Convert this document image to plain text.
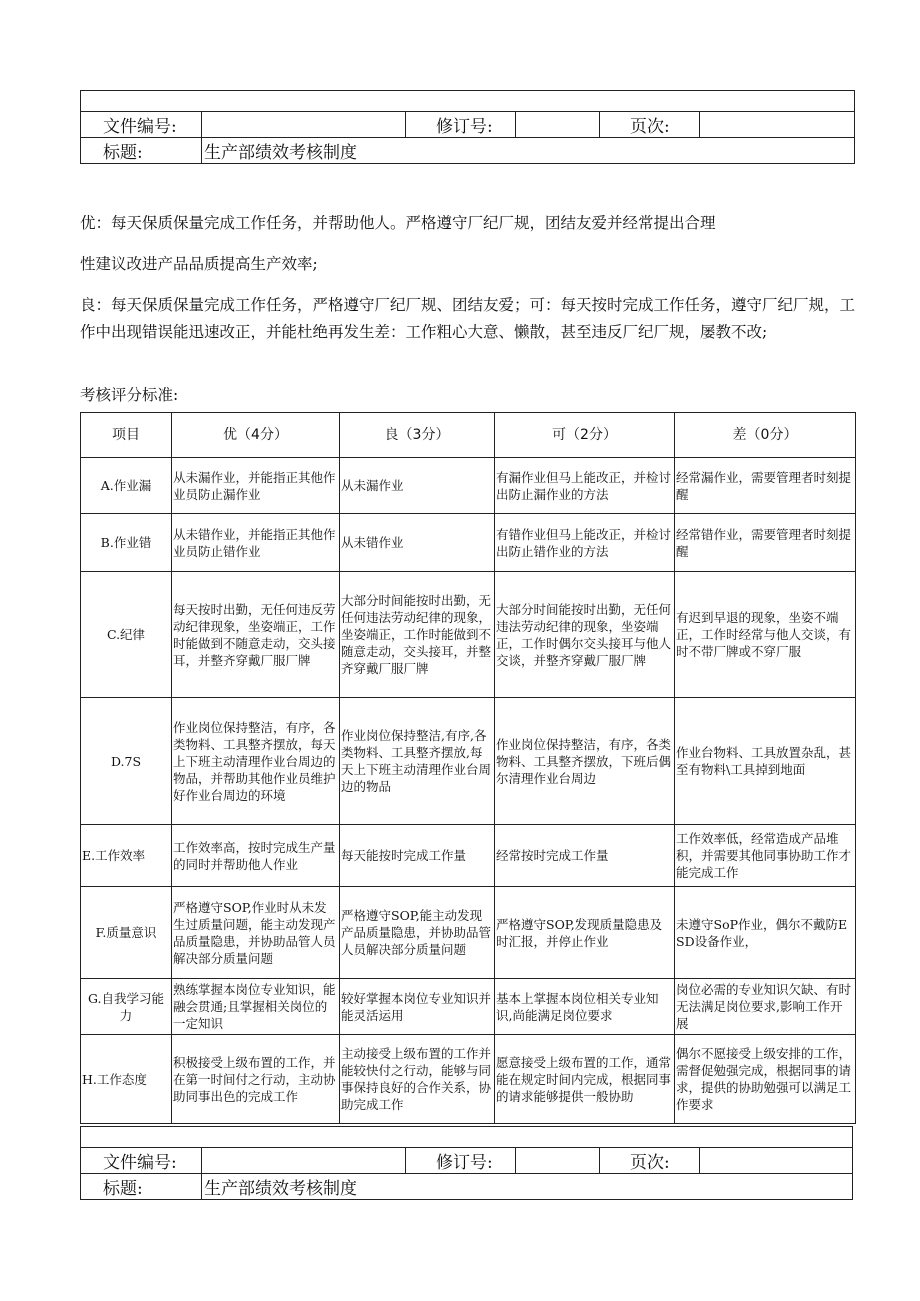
文件编号:		修订号:		页次:	
标题:	生产部绩效考核制度				

优：每天保质保量完成工作任务，并帮助他人。严格遵守厂纪厂规，团结友爱并经常提出合理

性建议改进产品品质提高生产效率;

良：每天保质保量完成工作任务，严格遵守厂纪厂规、团结友爱；可：每天按时完成工作任务，遵守厂纪厂规，工作中出现错误能迅速改正，并能杜绝再发生差：工作粗心大意、懒散，甚至违反厂纪厂规，屡教不改;

考核评分标准:

项目	优（4分）	良（3分）	可（2分）	差（0分）
A.作业漏	从未漏作业，并能指正其他作业员防止漏作业	从未漏作业	有漏作业但马上能改正，并检讨出防止漏作业的方法	经常漏作业，需要管理者时刻提醒
B.作业错	从未错作业，并能指正其他作业员防止错作业	从未错作业	有错作业但马上能改正，并检讨出防止错作业的方法	经常错作业，需要管理者时刻提醒
C.纪律	每天按时出勤，无任何违反劳动纪律现象，坐姿端正，工作时能做到不随意走动，交头接耳，并整齐穿戴厂服厂牌	大部分时间能按时出勤，无任何违法劳动纪律的现象，坐姿端正，工作时能做到不随意走动，交头接耳，并整齐穿戴厂服厂牌	大部分时间能按时出勤，无任何违法劳动纪律的现象，坐姿端正，工作时偶尔交头接耳与他人交谈，并整齐穿戴厂服厂牌	有迟到早退的现象，坐姿不端正，工作时经常与他人交谈，有时不带厂牌或不穿厂服
D.7S	作业岗位保持整洁，有序，各类物料、工具整齐摆放，每天上下班主动清理作业台周边的物品，并帮助其他作业员维护好作业台周边的环境	作业岗位保持整洁,有序,各类物料、工具整齐摆放,每天上下班主动清理作业台周边的物品	作业岗位保持整洁，有序，各类物料、工具整齐摆放，下班后偶尔清理作业台周边	作业台物料、工具放置杂乱，甚至有物料\工具掉到地面
E.工作效率	工作效率高，按时完成生产量的同时并帮助他人作业	每天能按时完成工作量	经常按时完成工作量	工作效率低，经常造成产品堆积，并需要其他同事协助工作才能完成工作
F.质量意识	严格遵守SOP,作业时从未发生过质量问题，能主动发现产品质量隐患，并协助品管人员解决部分质量问题	严格遵守SOP,能主动发现产品质量隐患，并协助品管人员解决部分质量问题	严格遵守SOP,发现质量隐患及时汇报，并停止作业	未遵守SoP作业，偶尔不戴防ESD设备作业，
G.自我学习能力	熟练掌握本岗位专业知识，能融会贯通;且掌握相关岗位的一定知识	较好掌握本岗位专业知识并能灵活运用	基本上掌握本岗位相关专业知识,尚能满足岗位要求	岗位必需的专业知识欠缺、有时无法满足岗位要求,影响工作开展
H.工作态度	积极接受上级布置的工作，并在第一时间付之行动，主动协助同事出色的完成工作	主动接受上级布置的工作并能较快付之行动，能够与同事保持良好的合作关系，协助完成工作	愿意接受上级布置的工作，通常能在规定时间内完成，根据同事的请求能够提供一般协助	偶尔不愿接受上级安排的工作，需督促勉强完成，根据同事的请求，提供的协助勉强可以满足工作要求

文件编号:		修订号:		页次:	
标题:	生产部绩效考核制度				
